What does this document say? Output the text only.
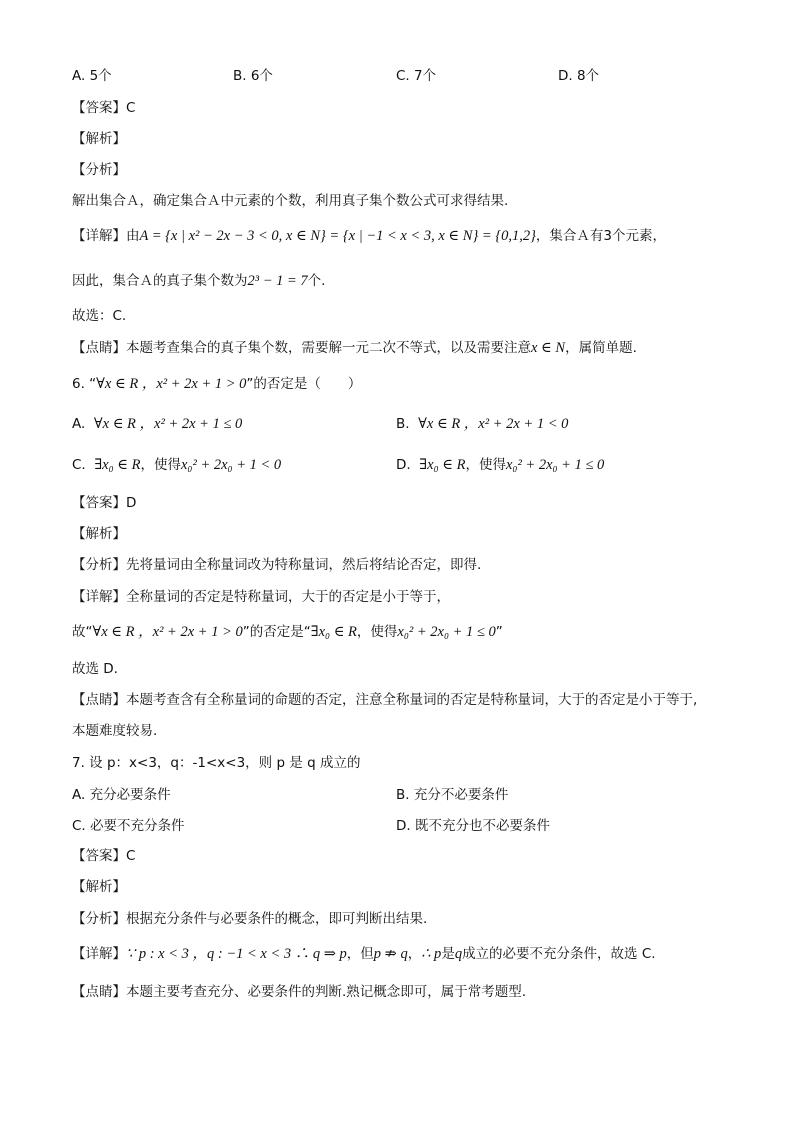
A. 5个	B. 6个	C. 7个	D. 8个
【答案】C
【解析】
【分析】
解出集合Ａ，确定集合Ａ中元素的个数，利用真子集个数公式可求得结果.
【详解】由A = {x | x² − 2x − 3 < 0, x ∈ N} = {x | −1 < x < 3, x ∈ N} = {0,1,2}，集合Ａ有3个元素，
因此，集合Ａ的真子集个数为2³ − 1 = 7个.
故选：C.
【点睛】本题考查集合的真子集个数，需要解一元二次不等式，以及需要注意x ∈ N，属简单题.
6. “∀x ∈ R ，x² + 2x + 1 > 0”的否定是（　　）
A. ∀x ∈ R ，x² + 2x + 1 ≤ 0	B. ∀x ∈ R ，x² + 2x + 1 < 0
C. ∃x₀ ∈ R，使得x₀² + 2x₀ + 1 < 0	D. ∃x₀ ∈ R，使得x₀² + 2x₀ + 1 ≤ 0
【答案】D
【解析】
【分析】先将量词由全称量词改为特称量词，然后将结论否定，即得.
【详解】全称量词的否定是特称量词，大于的否定是小于等于，
故“∀x ∈ R ，x² + 2x + 1 > 0”的否定是“∃x₀ ∈ R，使得x₀² + 2x₀ + 1 ≤ 0”
故选 D.
【点睛】本题考查含有全称量词的命题的否定，注意全称量词的否定是特称量词，大于的否定是小于等于,
本题难度较易.
7. 设 p：x<3，q：-1<x<3，则 p 是 q 成立的
A. 充分必要条件	B. 充分不必要条件
C. 必要不充分条件	D. 既不充分也不必要条件
【答案】C
【解析】
【分析】根据充分条件与必要条件的概念，即可判断出结果.
【详解】∵ p : x < 3 ，q : −1 < x < 3 ∴ q ⇒ p，但p ⇏ q，∴ p是q成立的必要不充分条件，故选 C.
【点睛】本题主要考查充分、必要条件的判断.熟记概念即可，属于常考题型.
